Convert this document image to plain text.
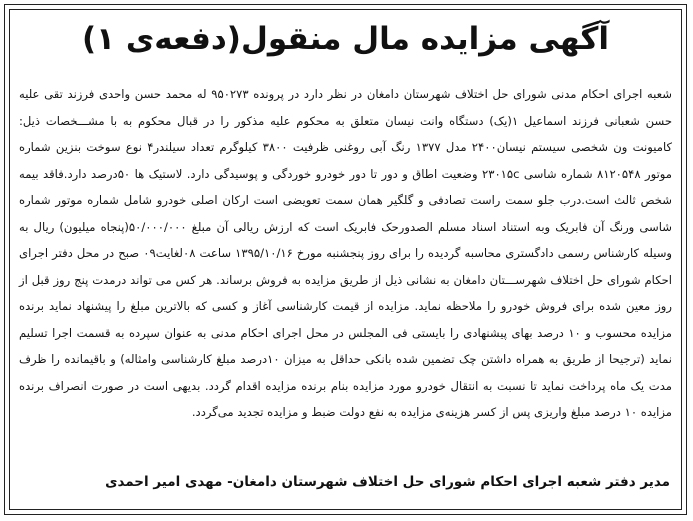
آگهی مزایده مال منقول(دفعه‌ی ۱)

شعبه اجرای احکام مدنی شورای حل اختلاف شهرستان دامغان در نظر دارد در پرونده ۹۵۰۲۷۳ له محمد حسن واحدی فرزند تقی علیه حسن شعبانی فرزند اسماعیل ۱(یک) دستگاه وانت نیسان متعلق به محکوم علیه مذکور را در قبال محکوم به با مشـــخصات ذیل: کامیونت ون شخصی سیستم نیسان۲۴۰۰ مدل ۱۳۷۷ رنگ آبی روغنی ظرفیت ۳۸۰۰ کیلوگرم تعداد سیلندر۴ نوع سوخت بنزین شماره موتور ۸۱۲۰۵۴۸ شماره شاسی ۲۳۰۱۵c وضعیت اطاق و دور تا دور خودرو خوردگی و پوسیدگی دارد. لاستیک ها ۵۰درصد دارد.فاقد بیمه شخص ثالث است.درب جلو سمت راست تصادفی و گلگیر همان سمت تعویضی است ارکان اصلی خودرو شامل شماره موتور شماره شاسی ورنگ آن فابریک وبه استناد اسناد مسلم الصدورحک فابریک است که ارزش ریالی آن مبلغ ۵۰/۰۰۰/۰۰۰(پنجاه میلیون) ریال به وسیله کارشناس رسمی دادگستری محاسبه گردیده را برای روز پنجشنبه مورخ ۱۳۹۵/۱۰/۱۶ ساعت ۰۸لغایت۰۹ صبح در محل دفتر اجرای احکام شورای حل اختلاف شهرســـتان دامغان به نشانی ذیل از طریق مزایده به فروش برساند. هر کس می تواند درمدت پنج روز قبل از روز معین شده برای فروش خودرو را ملاحظه نماید. مزایده از قیمت کارشناسی آغاز و کسی که بالاترین مبلغ را پیشنهاد نماید برنده مزایده محسوب و ۱۰ درصد بهای پیشنهادی را بایستی فی المجلس در محل اجرای احکام مدنی به عنوان سپرده به قسمت اجرا تسلیم نماید (ترجیحا از طریق به همراه داشتن چک تضمین شده بانکی حداقل به میزان ۱۰درصد مبلغ کارشناسی وامثاله) و باقیمانده را ظرف مدت یک ماه پرداخت نماید تا نسبت به انتقال خودرو مورد مزایده بنام برنده مزایده اقدام گردد. بدیهی است در صورت انصراف برنده مزایده ۱۰ درصد مبلغ واریزی پس از کسر هزینه‌ی مزایده به نفع دولت ضبط و مزایده تجدید می‌گردد.

مدیر دفتر شعبه اجرای احکام شورای حل اختلاف شهرستان دامغان- مهدی امیر احمدی
